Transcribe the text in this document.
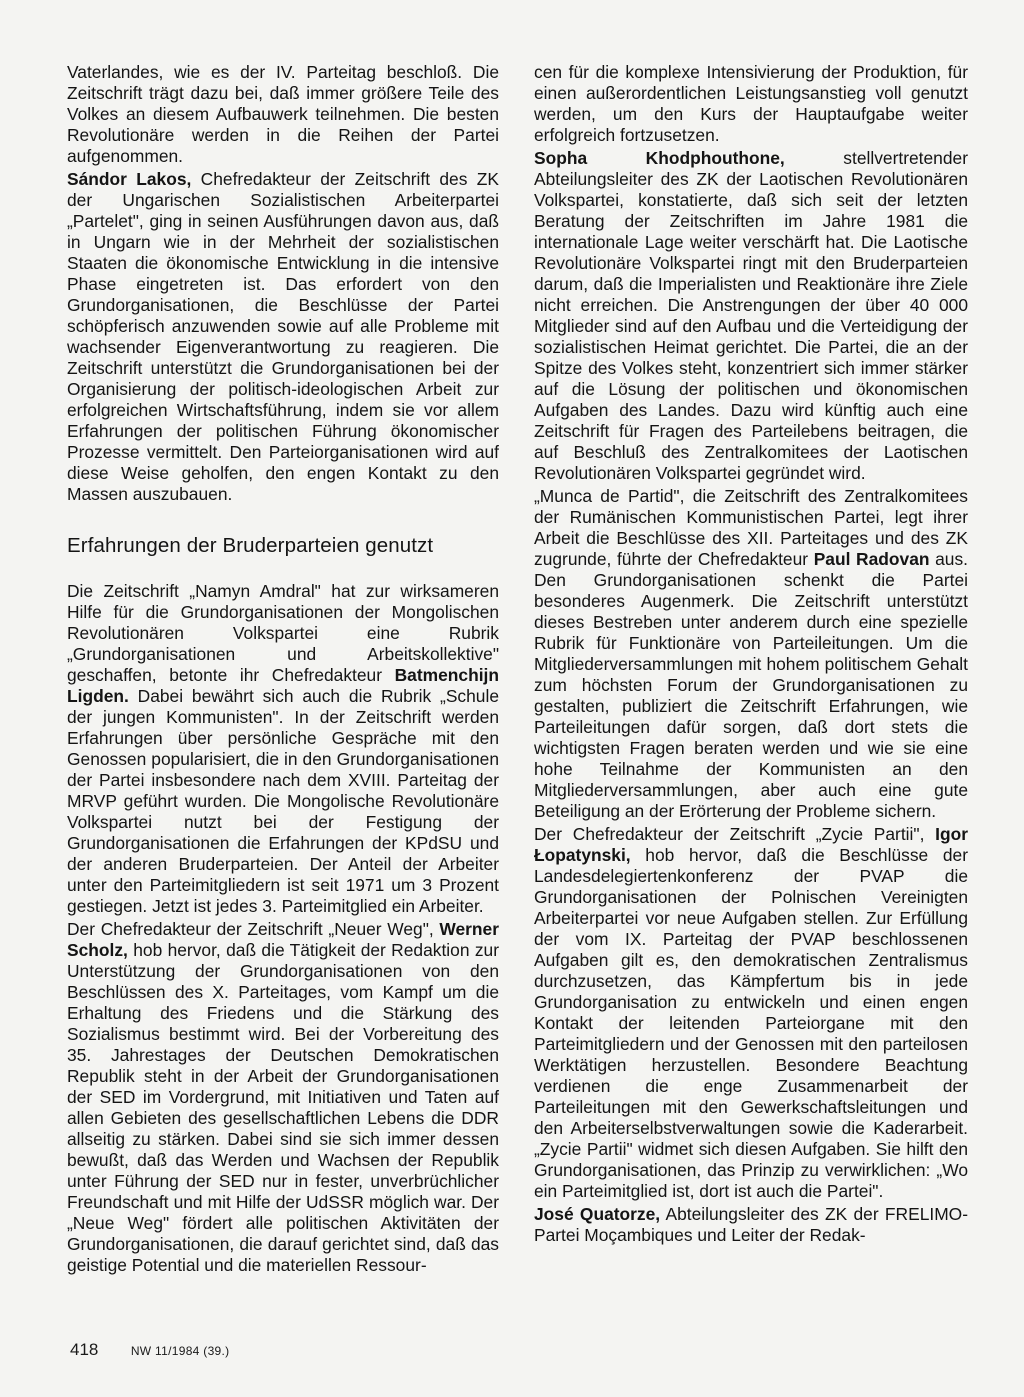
Vaterlandes, wie es der IV. Parteitag beschloß. Die Zeitschrift trägt dazu bei, daß immer größere Teile des Volkes an diesem Aufbauwerk teilnehmen. Die besten Revolutionäre werden in die Reihen der Partei aufgenommen.

Sándor Lakos, Chefredakteur der Zeitschrift des ZK der Ungarischen Sozialistischen Arbeiterpartei „Partelet", ging in seinen Ausführungen davon aus, daß in Ungarn wie in der Mehrheit der sozialistischen Staaten die ökonomische Entwicklung in die intensive Phase eingetreten ist. Das erfordert von den Grundorganisationen, die Beschlüsse der Partei schöpferisch anzuwenden sowie auf alle Probleme mit wachsender Eigenverantwortung zu reagieren. Die Zeitschrift unterstützt die Grundorganisationen bei der Organisierung der politisch-ideologischen Arbeit zur erfolgreichen Wirtschaftsführung, indem sie vor allem Erfahrungen der politischen Führung ökonomischer Prozesse vermittelt. Den Parteiorganisationen wird auf diese Weise geholfen, den engen Kontakt zu den Massen auszubauen.

Erfahrungen der Bruderparteien genutzt

Die Zeitschrift „Namyn Amdral" hat zur wirksameren Hilfe für die Grundorganisationen der Mongolischen Revolutionären Volkspartei eine Rubrik „Grundorganisationen und Arbeitskollektive" geschaffen, betonte ihr Chefredakteur Batmenchijn Ligden. Dabei bewährt sich auch die Rubrik „Schule der jungen Kommunisten". In der Zeitschrift werden Erfahrungen über persönliche Gespräche mit den Genossen popularisiert, die in den Grundorganisationen der Partei insbesondere nach dem XVIII. Parteitag der MRVP geführt wurden. Die Mongolische Revolutionäre Volkspartei nutzt bei der Festigung der Grundorganisationen die Erfahrungen der KPdSU und der anderen Bruderparteien. Der Anteil der Arbeiter unter den Parteimitgliedern ist seit 1971 um 3 Prozent gestiegen. Jetzt ist jedes 3. Parteimitglied ein Arbeiter.

Der Chefredakteur der Zeitschrift „Neuer Weg", Werner Scholz, hob hervor, daß die Tätigkeit der Redaktion zur Unterstützung der Grundorganisationen von den Beschlüssen des X. Parteitages, vom Kampf um die Erhaltung des Friedens und die Stärkung des Sozialismus bestimmt wird. Bei der Vorbereitung des 35. Jahrestages der Deutschen Demokratischen Republik steht in der Arbeit der Grundorganisationen der SED im Vordergrund, mit Initiativen und Taten auf allen Gebieten des gesellschaftlichen Lebens die DDR allseitig zu stärken. Dabei sind sie sich immer dessen bewußt, daß das Werden und Wachsen der Republik unter Führung der SED nur in fester, unverbrüchlicher Freundschaft und mit Hilfe der UdSSR möglich war. Der „Neue Weg" fördert alle politischen Aktivitäten der Grundorganisationen, die darauf gerichtet sind, daß das geistige Potential und die materiellen Ressour-

cen für die komplexe Intensivierung der Produktion, für einen außerordentlichen Leistungsanstieg voll genutzt werden, um den Kurs der Hauptaufgabe weiter erfolgreich fortzusetzen.

Sopha Khodphouthone, stellvertretender Abteilungsleiter des ZK der Laotischen Revolutionären Volkspartei, konstatierte, daß sich seit der letzten Beratung der Zeitschriften im Jahre 1981 die internationale Lage weiter verschärft hat. Die Laotische Revolutionäre Volkspartei ringt mit den Bruderparteien darum, daß die Imperialisten und Reaktionäre ihre Ziele nicht erreichen. Die Anstrengungen der über 40 000 Mitglieder sind auf den Aufbau und die Verteidigung der sozialistischen Heimat gerichtet. Die Partei, die an der Spitze des Volkes steht, konzentriert sich immer stärker auf die Lösung der politischen und ökonomischen Aufgaben des Landes. Dazu wird künftig auch eine Zeitschrift für Fragen des Parteilebens beitragen, die auf Beschluß des Zentralkomitees der Laotischen Revolutionären Volkspartei gegründet wird.

„Munca de Partid", die Zeitschrift des Zentralkomitees der Rumänischen Kommunistischen Partei, legt ihrer Arbeit die Beschlüsse des XII. Parteitages und des ZK zugrunde, führte der Chefredakteur Paul Radovan aus. Den Grundorganisationen schenkt die Partei besonderes Augenmerk. Die Zeitschrift unterstützt dieses Bestreben unter anderem durch eine spezielle Rubrik für Funktionäre von Parteileitungen. Um die Mitgliederversammlungen mit hohem politischem Gehalt zum höchsten Forum der Grundorganisationen zu gestalten, publiziert die Zeitschrift Erfahrungen, wie Parteileitungen dafür sorgen, daß dort stets die wichtigsten Fragen beraten werden und wie sie eine hohe Teilnahme der Kommunisten an den Mitgliederversammlungen, aber auch eine gute Beteiligung an der Erörterung der Probleme sichern.

Der Chefredakteur der Zeitschrift „Zycie Partii", Igor Łopatynski, hob hervor, daß die Beschlüsse der Landesdelegiertenkonferenz der PVAP die Grundorganisationen der Polnischen Vereinigten Arbeiterpartei vor neue Aufgaben stellen. Zur Erfüllung der vom IX. Parteitag der PVAP beschlossenen Aufgaben gilt es, den demokratischen Zentralismus durchzusetzen, das Kämpfertum bis in jede Grundorganisation zu entwickeln und einen engen Kontakt der leitenden Parteiorgane mit den Parteimitgliedern und der Genossen mit den parteilosen Werktätigen herzustellen. Besondere Beachtung verdienen die enge Zusammenarbeit der Parteileitungen mit den Gewerkschaftsleitungen und den Arbeiterselbstverwaltungen sowie die Kaderarbeit. „Zycie Partii" widmet sich diesen Aufgaben. Sie hilft den Grundorganisationen, das Prinzip zu verwirklichen: „Wo ein Parteimitglied ist, dort ist auch die Partei".

José Quatorze, Abteilungsleiter des ZK der FRELIMO-Partei Moçambiques und Leiter der Redak-

418	NW 11/1984 (39.)
